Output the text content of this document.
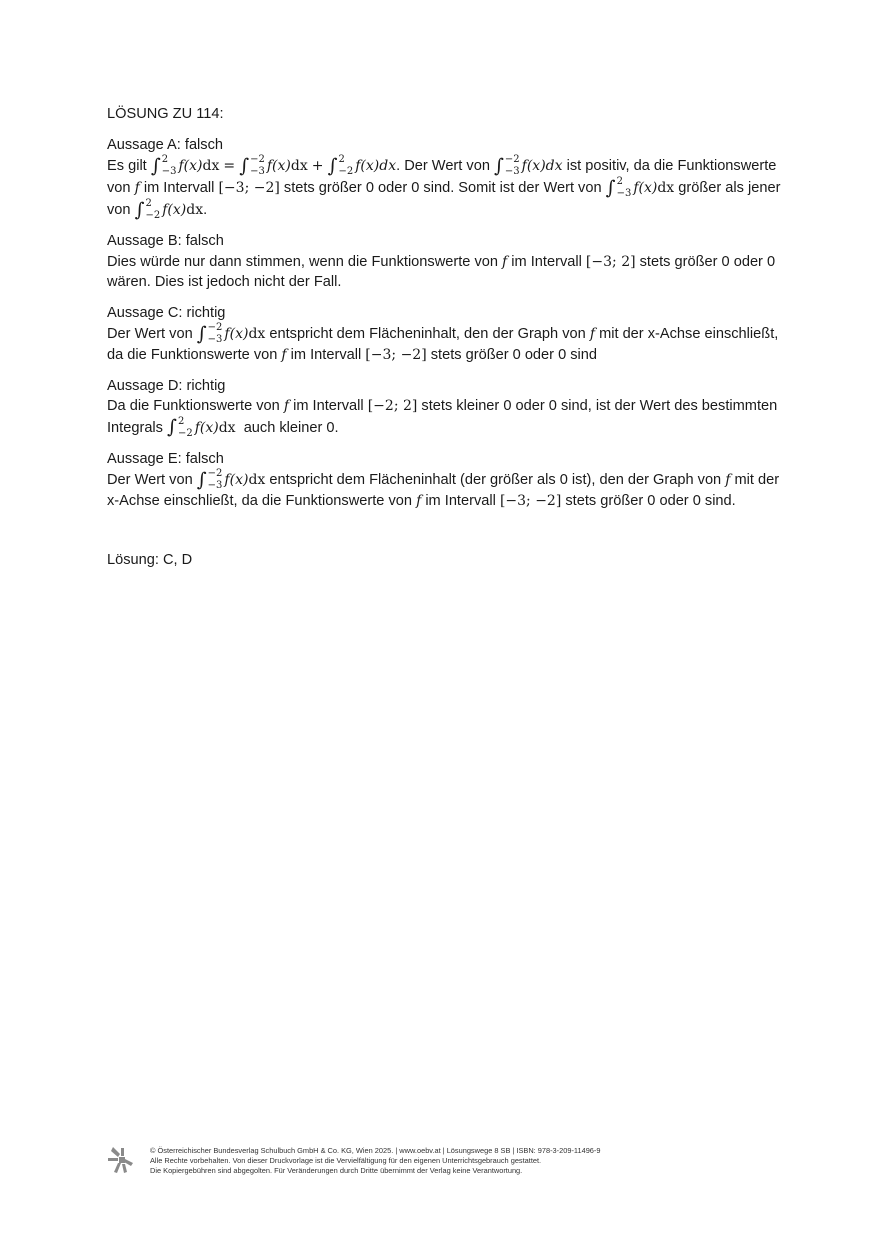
LÖSUNG ZU 114:

Aussage A: falsch

Es gilt ∫ 2
−3 f(x)dx = ∫ −2
−3 f(x)dx + ∫ 2
−2 f(x)dx. Der Wert von ∫ −2
−3 f(x)dx ist positiv, da die Funktionswerte von f im Intervall [−3; −2] stets größer 0 oder 0 sind. Somit ist der Wert von ∫ 2
−3 f(x)dx größer als jener von ∫ 2
−2 f(x)dx.

Aussage B: falsch

Dies würde nur dann stimmen, wenn die Funktionswerte von f im Intervall [−3; 2] stets größer 0 oder 0 wären. Dies ist jedoch nicht der Fall.

Aussage C: richtig

Der Wert von ∫ −2
−3 f(x)dx entspricht dem Flächeninhalt, den der Graph von f mit der x-Achse einschließt, da die Funktionswerte von f im Intervall [−3; −2] stets größer 0 oder 0 sind

Aussage D: richtig

Da die Funktionswerte von f im Intervall [−2; 2] stets kleiner 0 oder 0 sind, ist der Wert des bestimmten Integrals ∫ 2
−2 f(x)dx auch kleiner 0.

Aussage E: falsch

Der Wert von ∫ −2
−3 f(x)dx entspricht dem Flächeninhalt (der größer als 0 ist), den der Graph von f mit der x-Achse einschließt, da die Funktionswerte von f im Intervall [−3; −2] stets größer 0 oder 0 sind.

Lösung: C, D

© Österreichischer Bundesverlag Schulbuch GmbH & Co. KG, Wien 2025. | www.oebv.at | Lösungswege 8 SB | ISBN: 978-3-209-11496-9
Alle Rechte vorbehalten. Von dieser Druckvorlage ist die Vervielfältigung für den eigenen Unterrichtsgebrauch gestattet.
Die Kopiergebühren sind abgegolten. Für Veränderungen durch Dritte übernimmt der Verlag keine Verantwortung.
